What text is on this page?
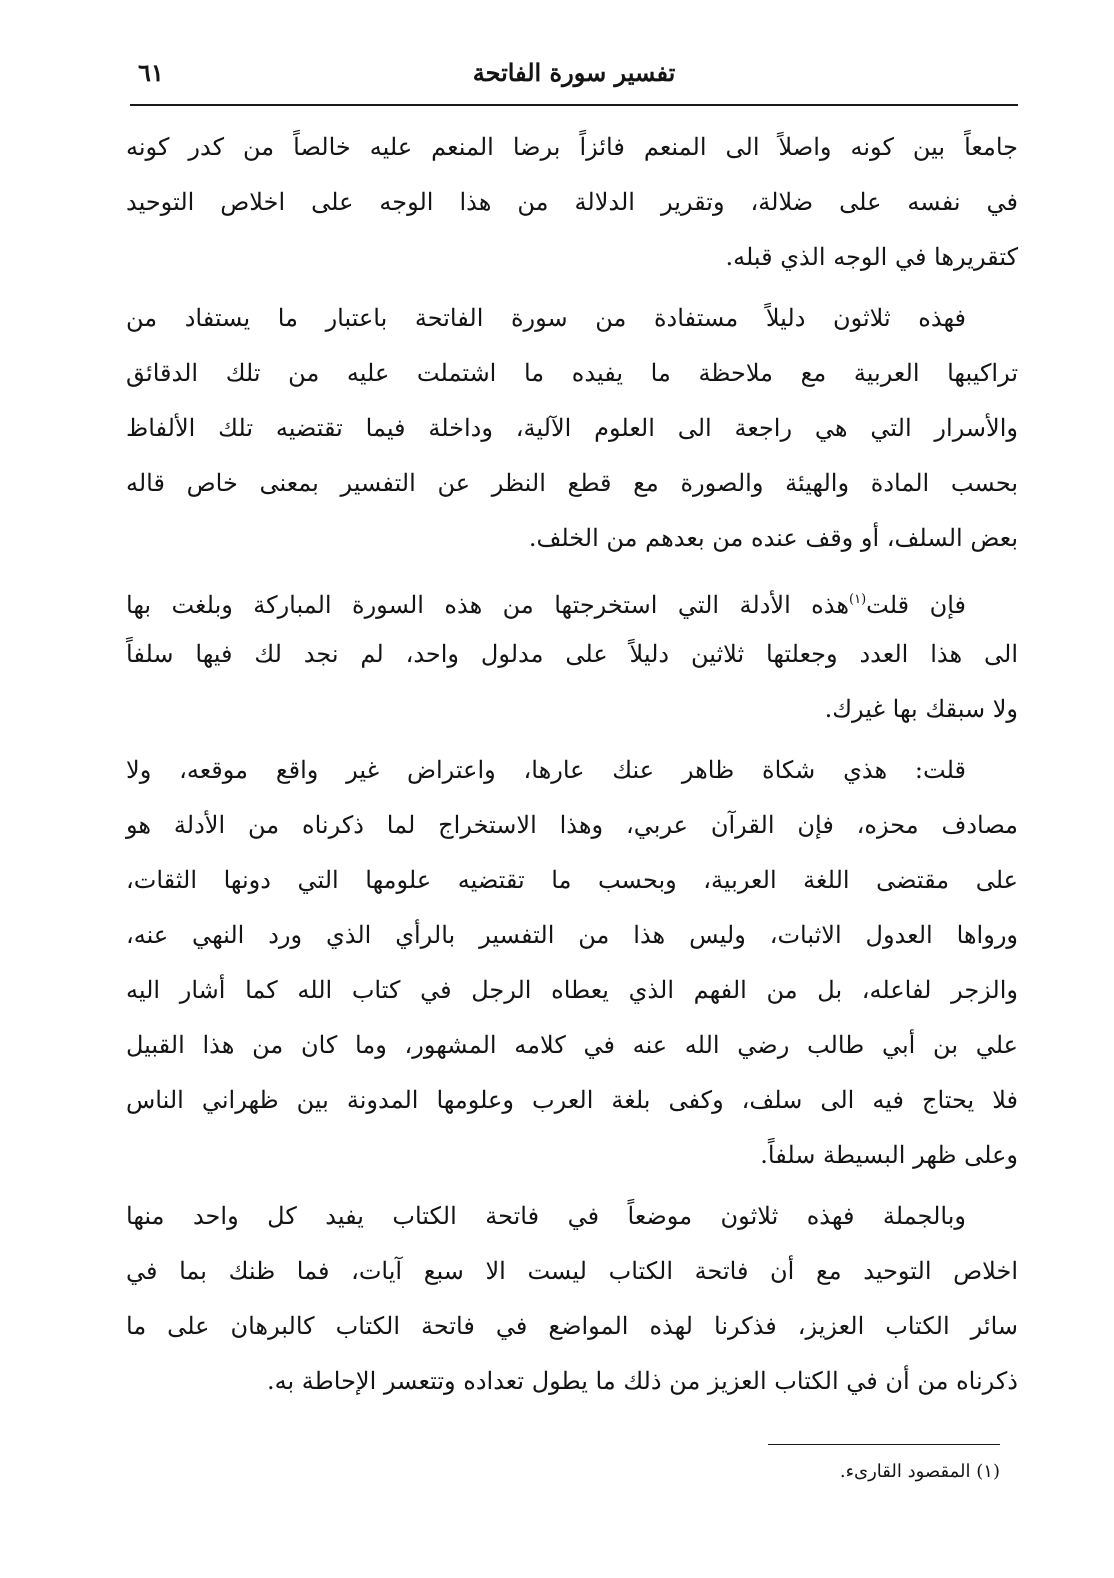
تفسير سورة الفاتحة
٦١
جامعاً بين كونه واصلاً الى المنعم فائزاً برضا المنعم عليه خالصاً من كدر كونه
في نفسه على ضلالة، وتقرير الدلالة من هذا الوجه على اخلاص التوحيد
كتقريرها في الوجه الذي قبله.
فهذه ثلاثون دليلاً مستفادة من سورة الفاتحة باعتبار ما يستفاد من
تراكيبها العربية مع ملاحظة ما يفيده ما اشتملت عليه من تلك الدقائق
والأسرار التي هي راجعة الى العلوم الآلية، وداخلة فيما تقتضيه تلك الألفاظ
بحسب المادة والهيئة والصورة مع قطع النظر عن التفسير بمعنى خاص قاله
بعض السلف، أو وقف عنده من بعدهم من الخلف.
فإن قلت$^{(١)}$هذه الأدلة التي استخرجتها من هذه السورة المباركة وبلغت بها
الى هذا العدد وجعلتها ثلاثين دليلاً على مدلول واحد، لم نجد لك فيها سلفاً
ولا سبقك بها غيرك.
قلت: هذي شكاة ظاهر عنك عارها، واعتراض غير واقع موقعه، ولا
مصادف محزه، فإن القرآن عربي، وهذا الاستخراج لما ذكرناه من الأدلة هو
على مقتضى اللغة العربية، وبحسب ما تقتضيه علومها التي دونها الثقات،
ورواها العدول الاثبات، وليس هذا من التفسير بالرأي الذي ورد النهي عنه،
والزجر لفاعله، بل من الفهم الذي يعطاه الرجل في كتاب الله كما أشار اليه
علي بن أبي طالب رضي الله عنه في كلامه المشهور، وما كان من هذا القبيل
فلا يحتاج فيه الى سلف، وكفى بلغة العرب وعلومها المدونة بين ظهراني الناس
وعلى ظهر البسيطة سلفاً.
وبالجملة فهذه ثلاثون موضعاً في فاتحة الكتاب يفيد كل واحد منها
اخلاص التوحيد مع أن فاتحة الكتاب ليست الا سبع آيات، فما ظنك بما في
سائر الكتاب العزيز، فذكرنا لهذه المواضع في فاتحة الكتاب كالبرهان على ما
ذكرناه من أن في الكتاب العزيز من ذلك ما يطول تعداده وتتعسر الإحاطة به.
(١) المقصود القارىء.
